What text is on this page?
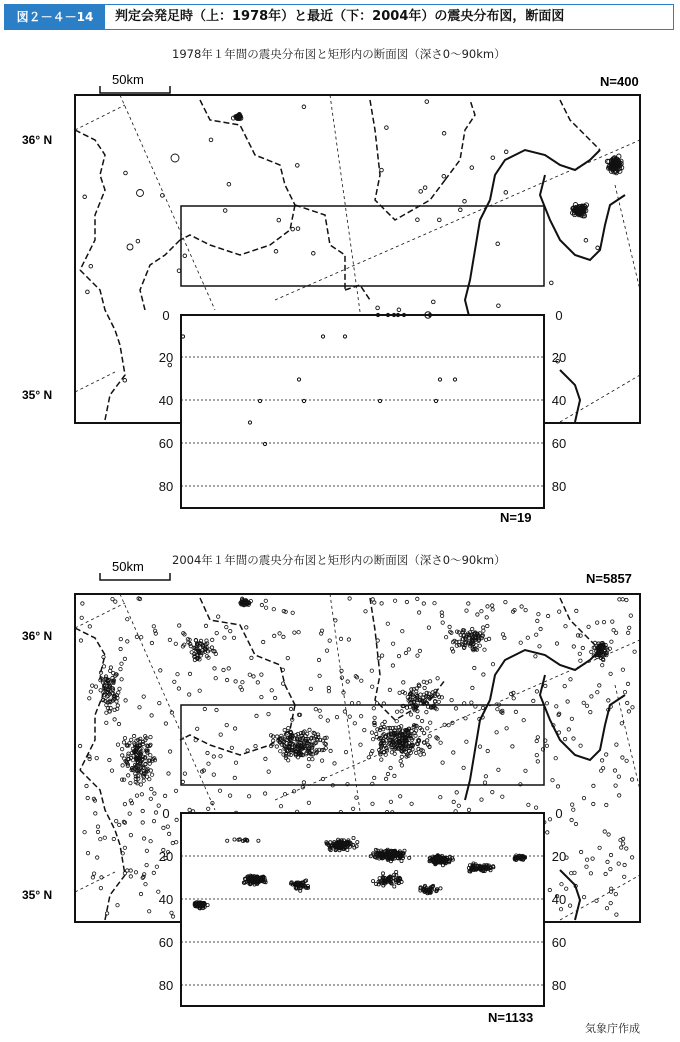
図２－４－14	判定会発足時（上：1978年）と最近（下：2004年）の震央分布図，断面図
1978年１年間の震央分布図と矩形内の断面図（深さ0〜90km）
2004年１年間の震央分布図と矩形内の断面図（深さ0〜90km）
50km	N=400
36° N
35° N
0
20
40
60
80
0
20
40
60
80
N=19
50km
N=5857
36° N
35° N
0
20
40
60
80
0
20
40
60
80
N=1133
気象庁作成
